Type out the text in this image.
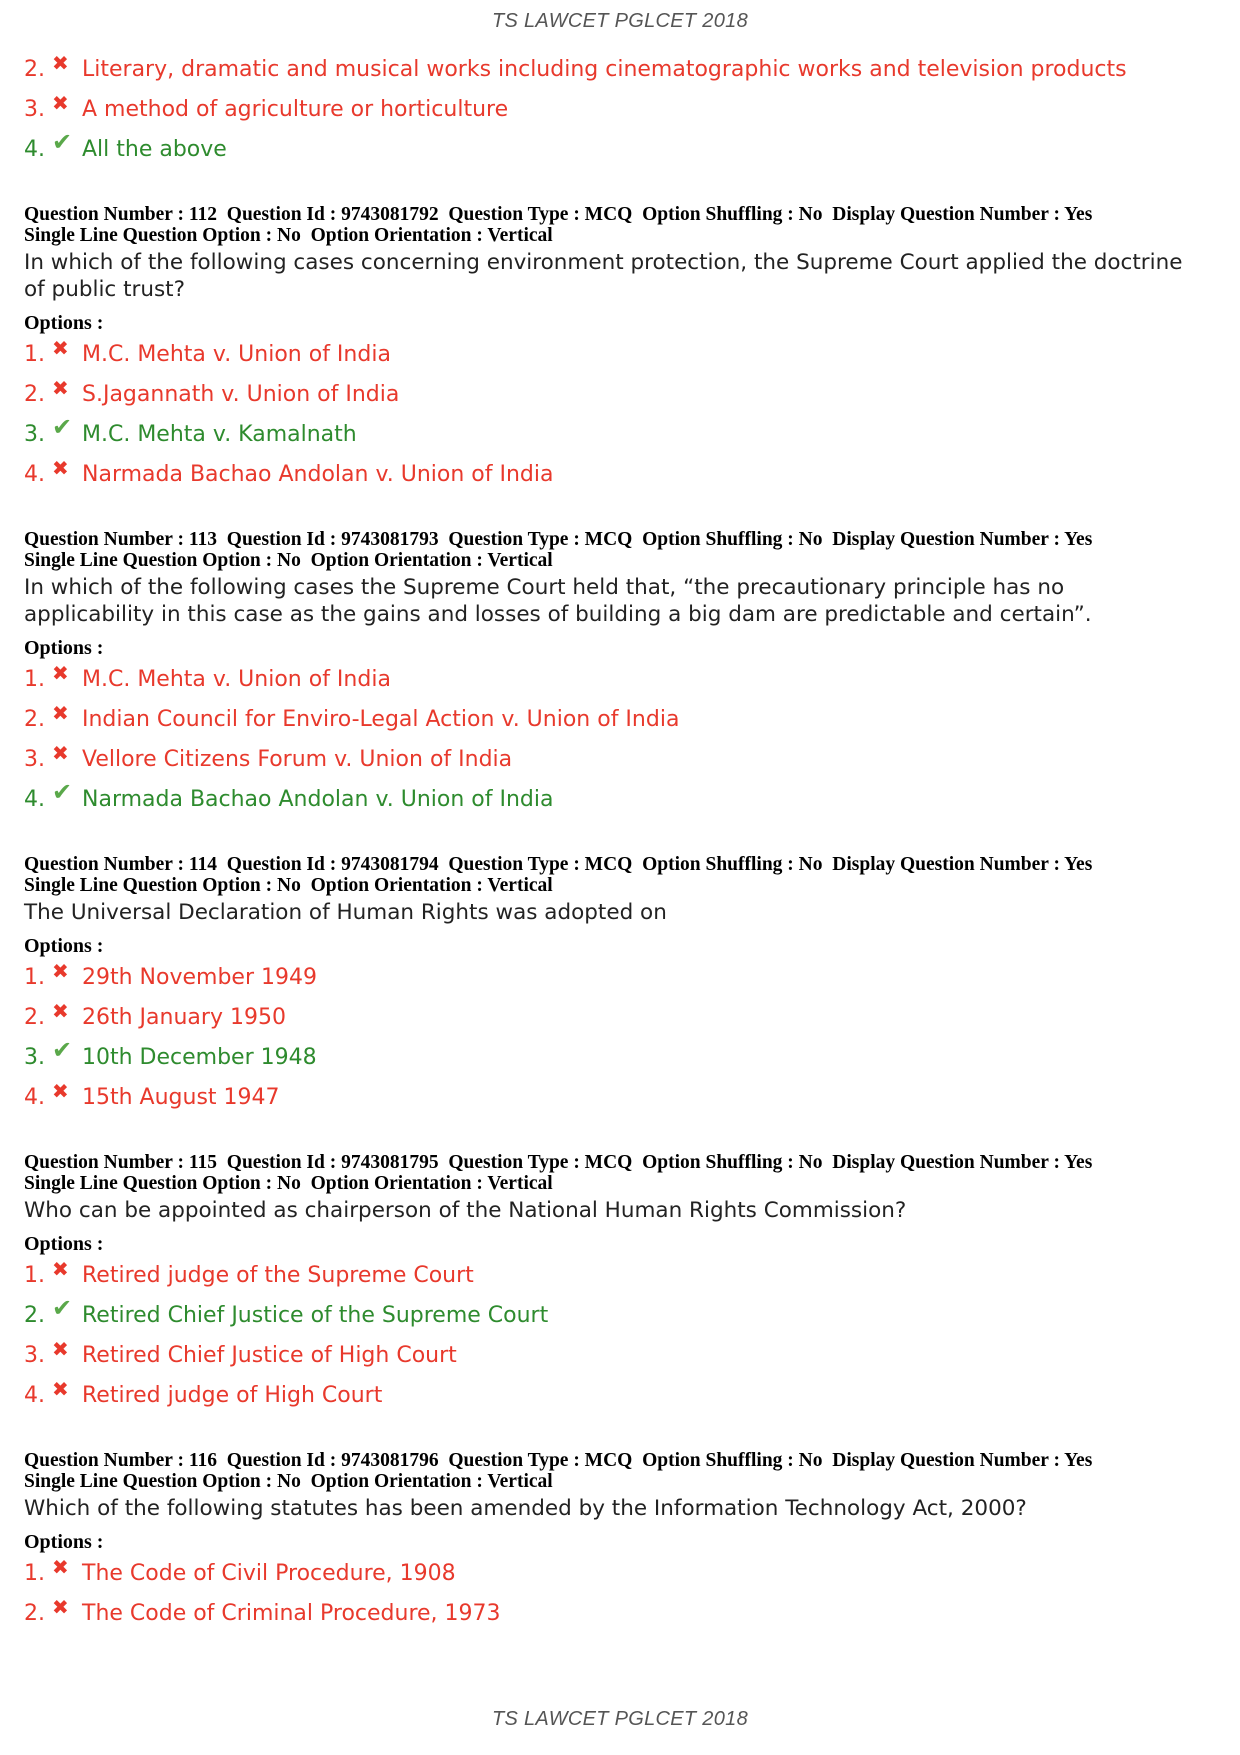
TS LAWCET PGLCET 2018
2. ✖ Literary, dramatic and musical works including cinematographic works and television products
3. ✖ A method of agriculture or horticulture
4. ✔ All the above
Question Number : 112  Question Id : 9743081792  Question Type : MCQ  Option Shuffling : No  Display Question Number : Yes
Single Line Question Option : No  Option Orientation : Vertical
In which of the following cases concerning environment protection, the Supreme Court applied the doctrine of public trust?
Options :
1. ✖ M.C. Mehta v. Union of India
2. ✖ S.Jagannath v. Union of India
3. ✔ M.C. Mehta v. Kamalnath
4. ✖ Narmada Bachao Andolan v. Union of India
Question Number : 113  Question Id : 9743081793  Question Type : MCQ  Option Shuffling : No  Display Question Number : Yes
Single Line Question Option : No  Option Orientation : Vertical
In which of the following cases the Supreme Court held that, “the precautionary principle has no applicability in this case as the gains and losses of building a big dam are predictable and certain”.
Options :
1. ✖ M.C. Mehta v. Union of India
2. ✖ Indian Council for Enviro-Legal Action v. Union of India
3. ✖ Vellore Citizens Forum v. Union of India
4. ✔ Narmada Bachao Andolan v. Union of India
Question Number : 114  Question Id : 9743081794  Question Type : MCQ  Option Shuffling : No  Display Question Number : Yes
Single Line Question Option : No  Option Orientation : Vertical
The Universal Declaration of Human Rights was adopted on
Options :
1. ✖ 29th November 1949
2. ✖ 26th January 1950
3. ✔ 10th December 1948
4. ✖ 15th August 1947
Question Number : 115  Question Id : 9743081795  Question Type : MCQ  Option Shuffling : No  Display Question Number : Yes
Single Line Question Option : No  Option Orientation : Vertical
Who can be appointed as chairperson of the National Human Rights Commission?
Options :
1. ✖ Retired judge of the Supreme Court
2. ✔ Retired Chief Justice of the Supreme Court
3. ✖ Retired Chief Justice of High Court
4. ✖ Retired judge of High Court
Question Number : 116  Question Id : 9743081796  Question Type : MCQ  Option Shuffling : No  Display Question Number : Yes
Single Line Question Option : No  Option Orientation : Vertical
Which of the following statutes has been amended by the Information Technology Act, 2000?
Options :
1. ✖ The Code of Civil Procedure, 1908
2. ✖ The Code of Criminal Procedure, 1973
TS LAWCET PGLCET 2018
